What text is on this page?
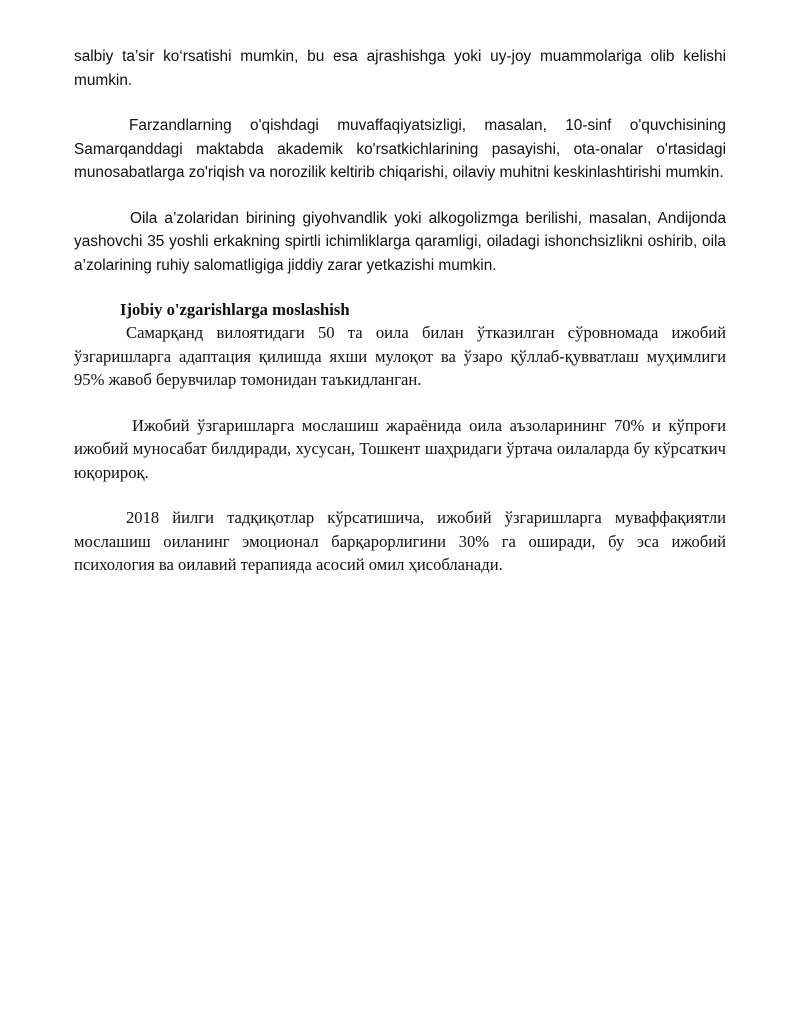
salbiy ta’sir ko‘rsatishi mumkin, bu esa ajrashishga yoki uy-joy muammolariga olib kelishi mumkin.

Farzandlarning o'qishdagi muvaffaqiyatsizligi, masalan, 10-sinf o'quvchisining Samarqanddagi maktabda akademik ko'rsatkichlarining pasayishi, ota-onalar o'rtasidagi munosabatlarga zo'riqish va norozilik keltirib chiqarishi, oilaviy muhitni keskinlashtirishi mumkin.

Oila a’zolaridan birining giyohvandlik yoki alkogolizmga berilishi, masalan, Andijonda yashovchi 35 yoshli erkakning spirtli ichimliklarga qaramligi, oiladagi ishonchsizlikni oshirib, oila a’zolarining ruhiy salomatligiga jiddiy zarar yetkazishi mumkin.

Ijobiy o'zgarishlarga moslashish

Самарқанд вилоятидаги 50 та оила билан ўтказилган сўровномада ижобий ўзгаришларга адаптация қилишда яхши мулоқот ва ўзаро қўллаб-қувватлаш муҳимлиги 95% жавоб берувчилар томонидан таъкидланган.

Ижобий ўзгаришларга мослашиш жараёнида оила аъзоларининг 70% и кўпроғи ижобий муносабат билдиради, хусусан, Тошкент шаҳридаги ўртача оилаларда бу кўрсаткич юқорироқ.

2018 йилги тадқиқотлар кўрсатишича, ижобий ўзгаришларга муваффақиятли мослашиш оиланинг эмоционал барқарорлигини 30% га оширади, бу эса ижобий психология ва оилавий терапияда асосий омил ҳисобланади.
